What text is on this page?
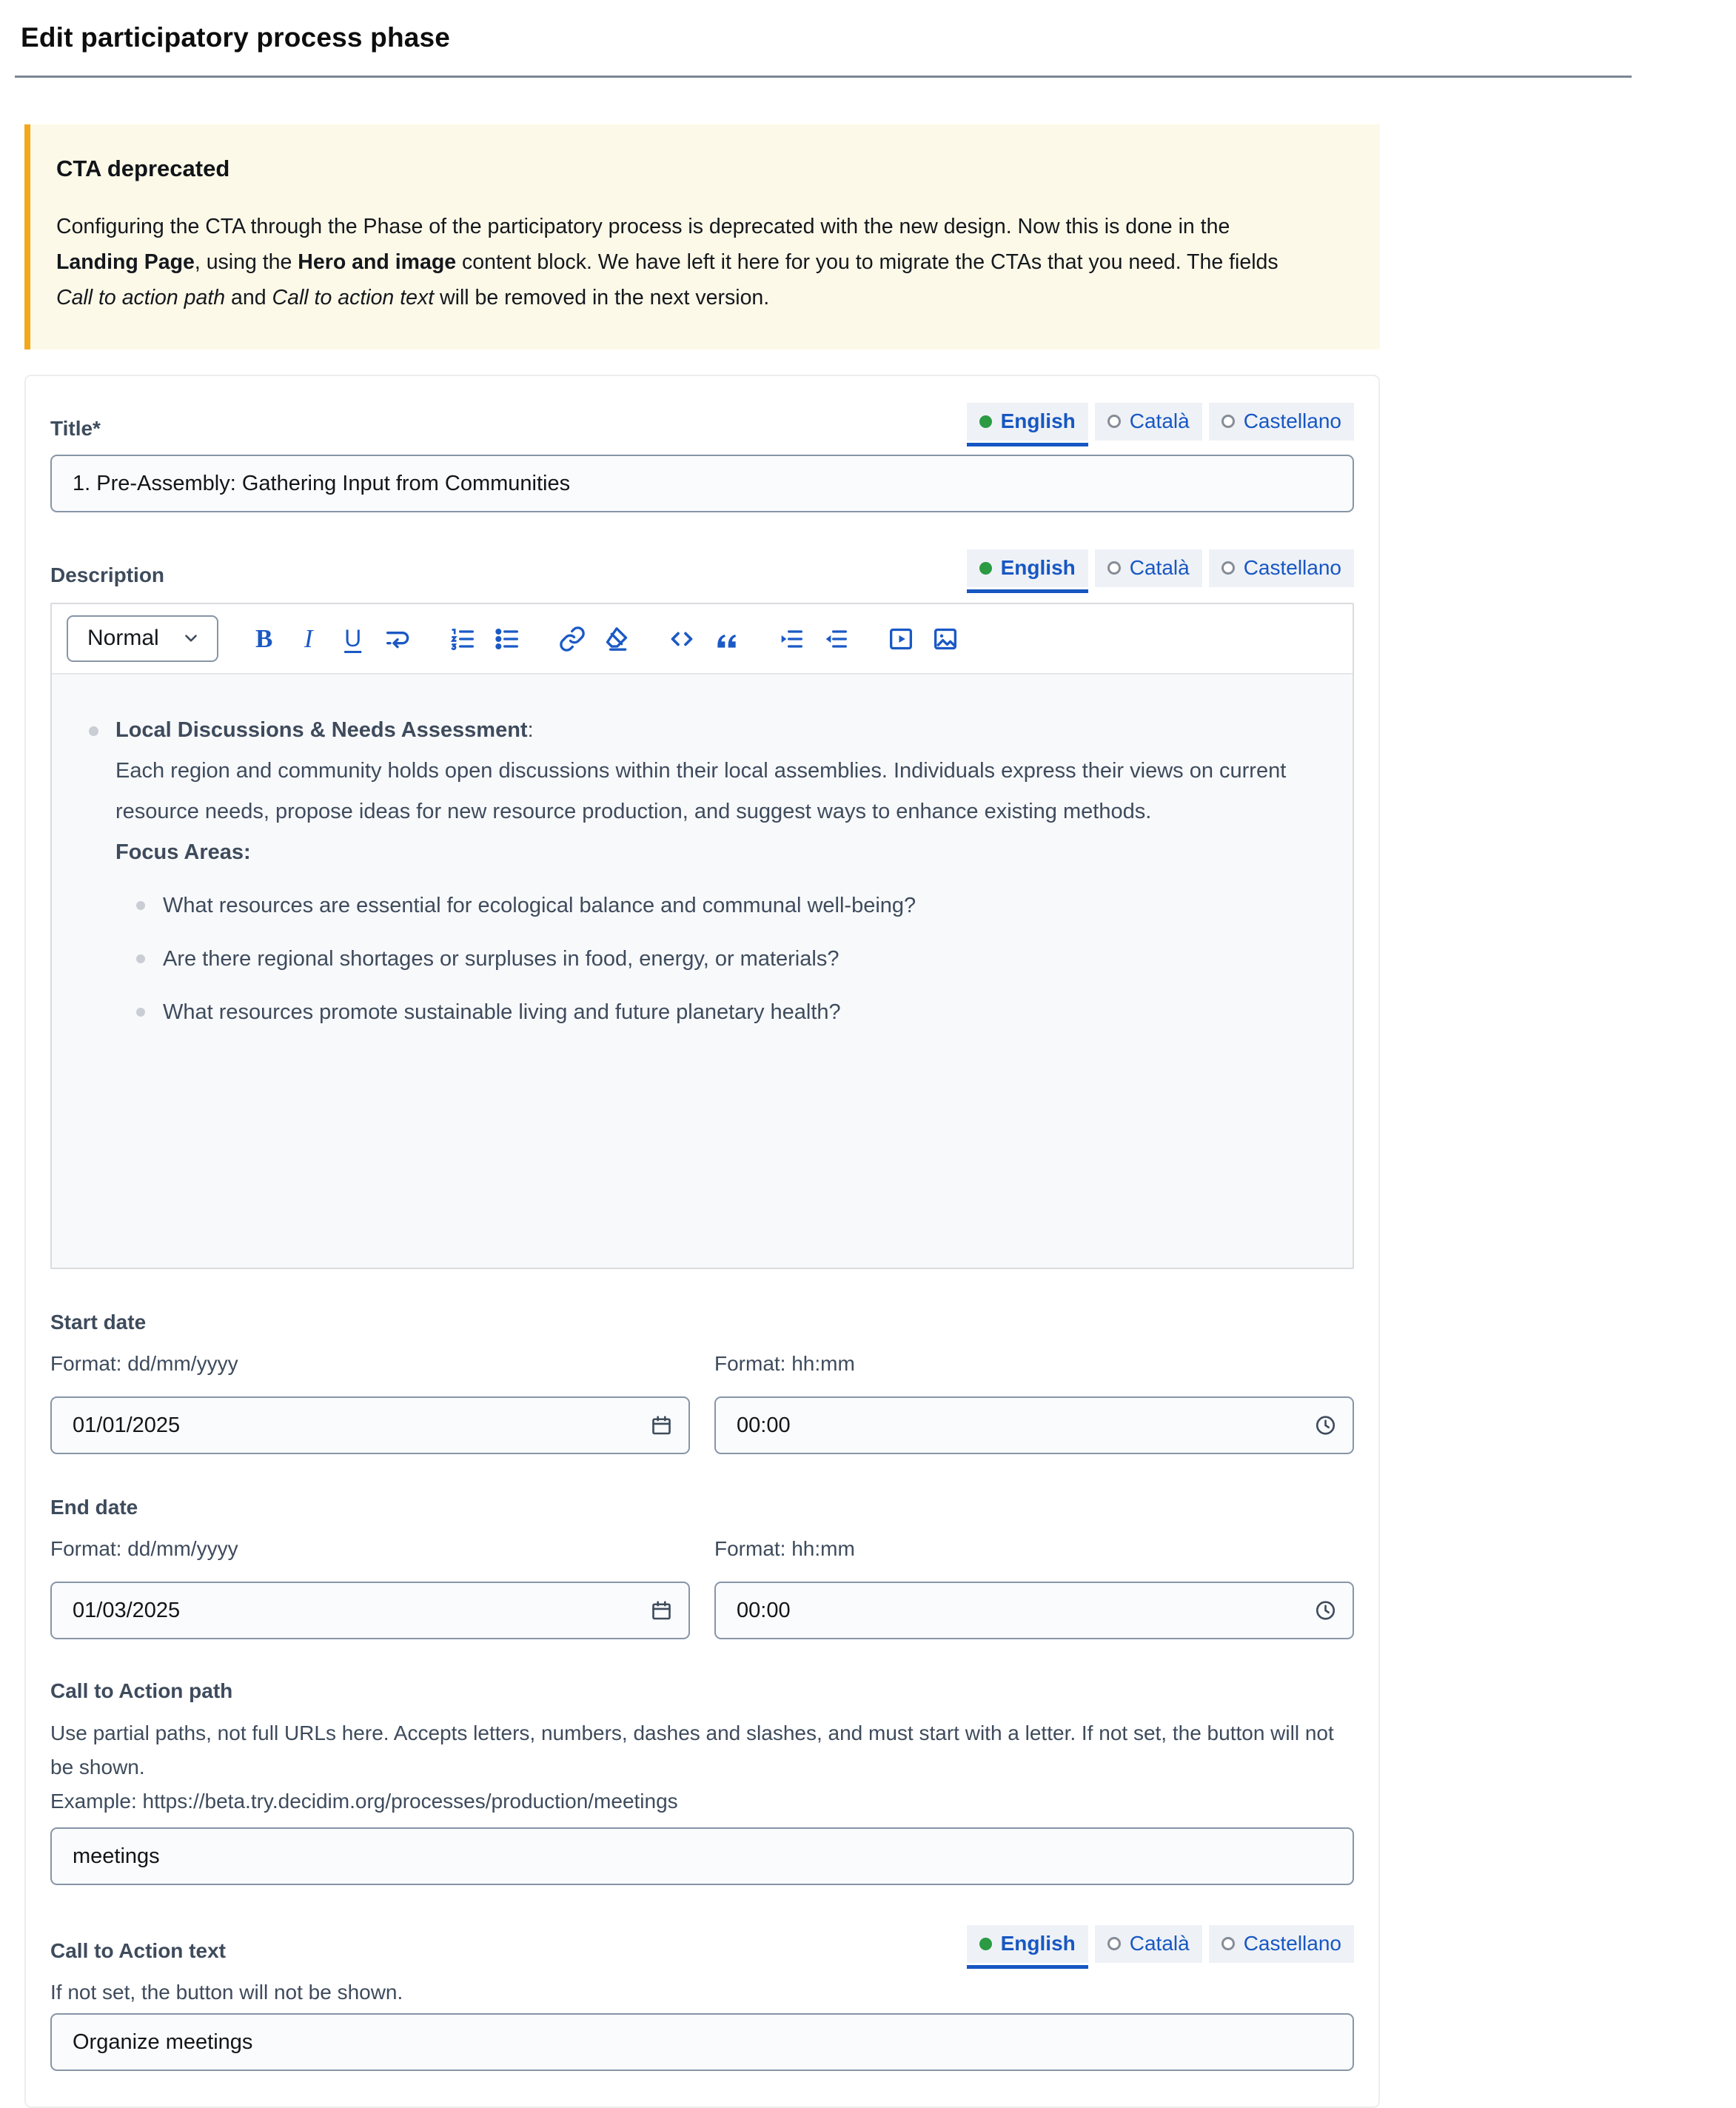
Edit participatory process phase
CTA deprecated

Configuring the CTA through the Phase of the participatory process is deprecated with the new design. Now this is done in the Landing Page, using the Hero and image content block. We have left it here for you to migrate the CTAs that you need. The fields Call to action path and Call to action text will be removed in the next version.

Title*	English	Català	Castellano
1. Pre-Assembly: Gathering Input from Communities
Description	English	Català	Castellano
Normal	B I U
Local Discussions & Needs Assessment:
Each region and community holds open discussions within their local assemblies. Individuals express their views on current resource needs, propose ideas for new resource production, and suggest ways to enhance existing methods.
Focus Areas:
What resources are essential for ecological balance and communal well-being?
Are there regional shortages or surpluses in food, energy, or materials?
What resources promote sustainable living and future planetary health?
Start date
Format: dd/mm/yyyy	Format: hh:mm
01/01/2025
00:00
End date
Format: dd/mm/yyyy	Format: hh:mm
01/03/2025
00:00
Call to Action path
Use partial paths, not full URLs here. Accepts letters, numbers, dashes and slashes, and must start with a letter. If not set, the button will not be shown.
Example: https://beta.try.decidim.org/processes/production/meetings
meetings
Call to Action text	English	Català	Castellano
If not set, the button will not be shown.
Organize meetings
